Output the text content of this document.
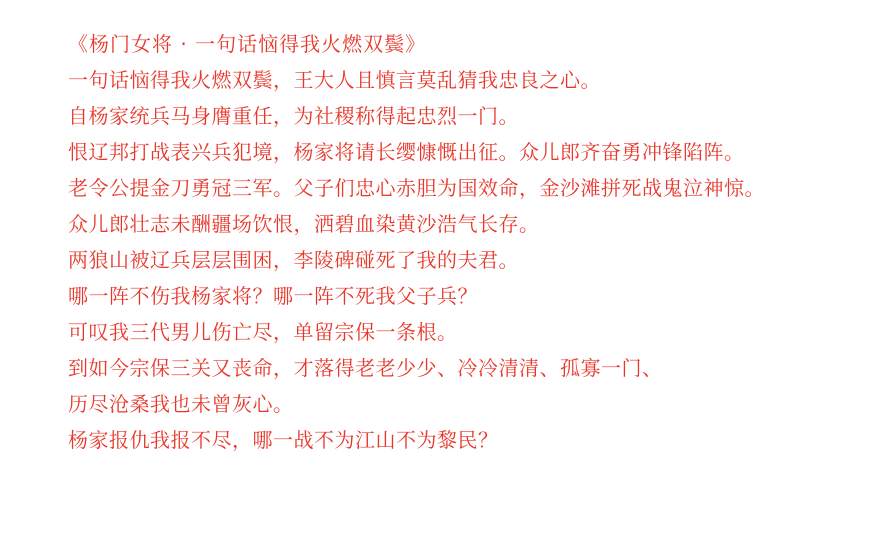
《杨门女将 · 一句话恼得我火燃双鬓》
一句话恼得我火燃双鬓，王大人且慎言莫乱猜我忠良之心。
自杨家统兵马身膺重任，为社稷称得起忠烈一门。
恨辽邦打战表兴兵犯境，杨家将请长缨慷慨出征。众儿郎齐奋勇冲锋陷阵。
老令公提金刀勇冠三军。父子们忠心赤胆为国效命，金沙滩拼死战鬼泣神惊。
众儿郎壮志未酬疆场饮恨，洒碧血染黄沙浩气长存。
两狼山被辽兵层层围困，李陵碑碰死了我的夫君。
哪一阵不伤我杨家将？哪一阵不死我父子兵？
可叹我三代男儿伤亡尽，单留宗保一条根。
到如今宗保三关又丧命，才落得老老少少、冷冷清清、孤寡一门、
历尽沧桑我也未曾灰心。
杨家报仇我报不尽，哪一战不为江山不为黎民？
